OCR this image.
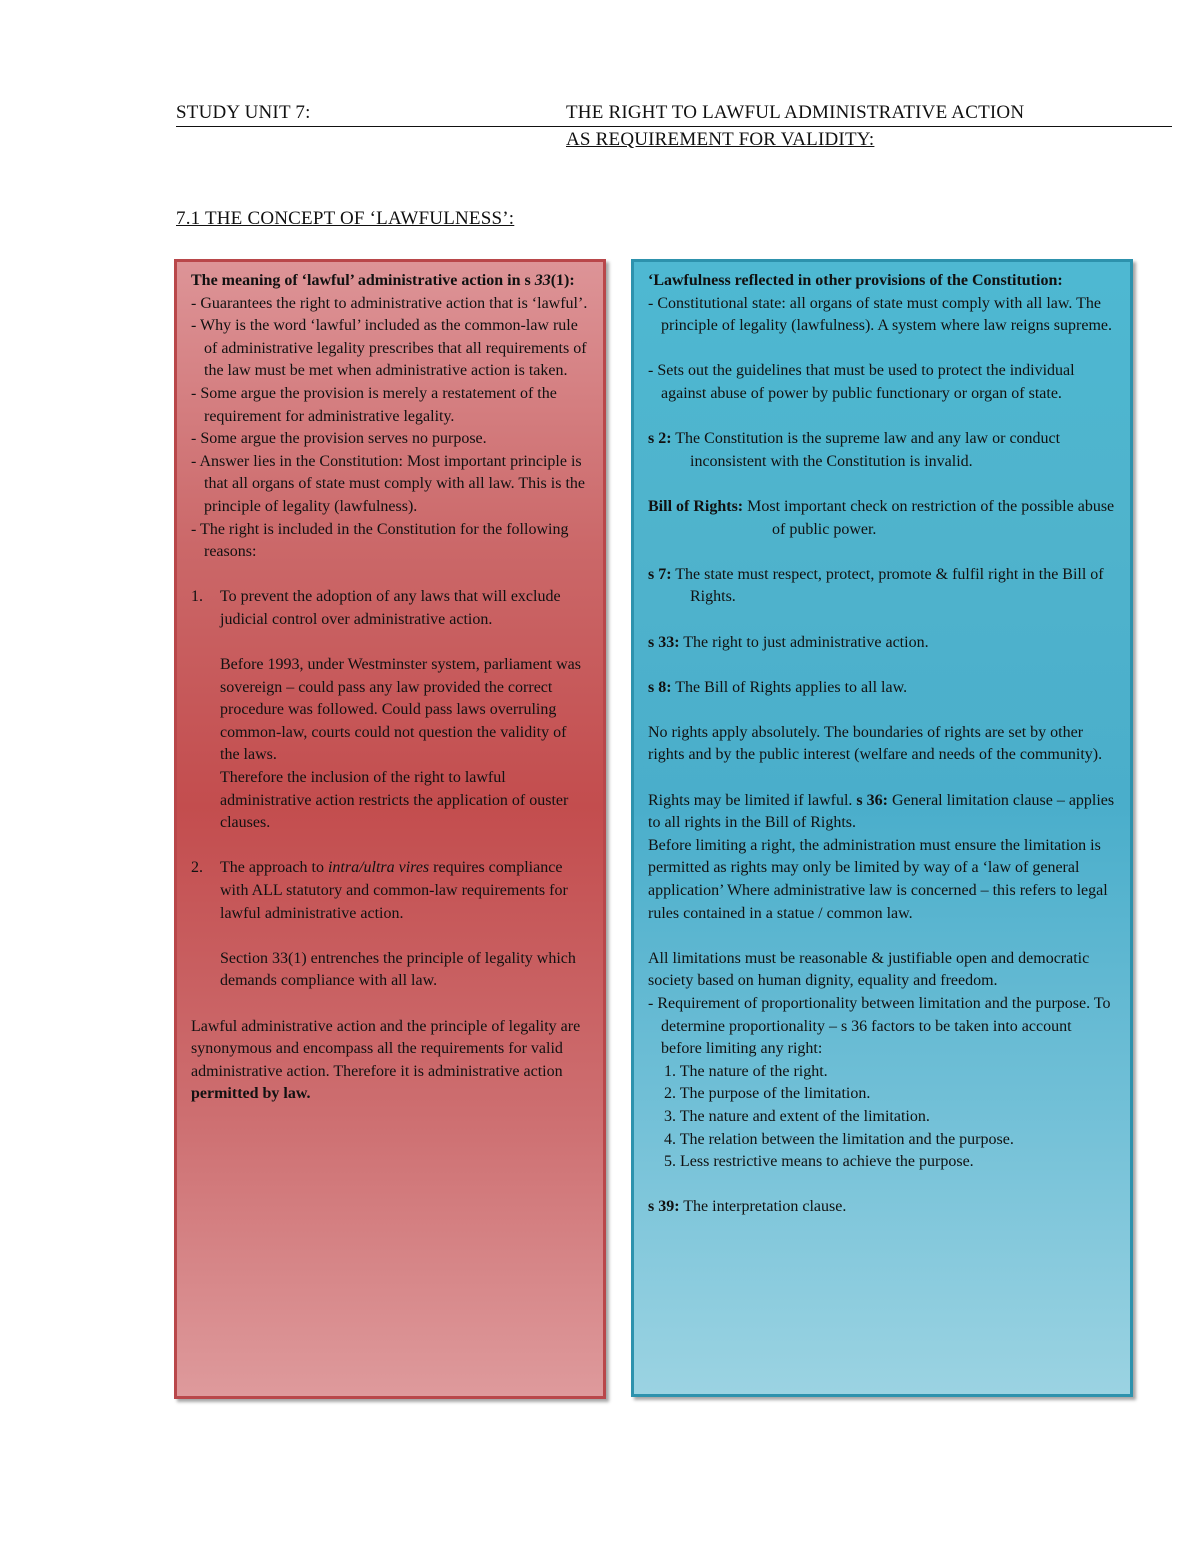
STUDY UNIT 7:	THE RIGHT TO LAWFUL ADMINISTRATIVE ACTION
AS REQUIREMENT FOR VALIDITY:
7.1 THE CONCEPT OF ‘LAWFULNESS’:

The meaning of ‘lawful’ administrative action in s 33(1):

- Guarantees the right to administrative action that is ‘lawful’.

- Why is the word ‘lawful’ included as the common-law rule of administrative legality prescribes that all requirements of the law must be met when administrative action is taken.

- Some argue the provision is merely a restatement of the requirement for administrative legality.

- Some argue the provision serves no purpose.

- Answer lies in the Constitution: Most important principle is that all organs of state must comply with all law. This is the principle of legality (lawfulness).

- The right is included in the Constitution for the following reasons:

1.	To prevent the adoption of any laws that will exclude judicial control over administrative action.

Before 1993, under Westminster system, parliament was sovereign – could pass any law provided the correct procedure was followed. Could pass laws overruling common-law, courts could not question the validity of the laws.

Therefore the inclusion of the right to lawful administrative action restricts the application of ouster clauses.

2.	The approach to intra/ultra vires requires compliance with ALL statutory and common-law requirements for lawful administrative action.

Section 33(1) entrenches the principle of legality which demands compliance with all law.

Lawful administrative action and the principle of legality are synonymous and encompass all the requirements for valid administrative action. Therefore it is administrative action permitted by law.

‘Lawfulness reflected in other provisions of the Constitution:

- Constitutional state: all organs of state must comply with all law. The principle of legality (lawfulness). A system where law reigns supreme.

- Sets out the guidelines that must be used to protect the individual against abuse of power by public functionary or organ of state.

s 2: The Constitution is the supreme law and any law or conduct inconsistent with the Constitution is invalid.

Bill of Rights: Most important check on restriction of the possible abuse of public power.

s 7: The state must respect, protect, promote & fulfil right in the Bill of Rights.

s 33: The right to just administrative action.

s 8: The Bill of Rights applies to all law.

No rights apply absolutely. The boundaries of rights are set by other rights and by the public interest (welfare and needs of the community).

Rights may be limited if lawful. s 36: General limitation clause – applies to all rights in the Bill of Rights.

Before limiting a right, the administration must ensure the limitation is permitted as rights may only be limited by way of a ‘law of general application’ Where administrative law is concerned – this refers to legal rules contained in a statue / common law.

All limitations must be reasonable & justifiable open and democratic society based on human dignity, equality and freedom.

- Requirement of proportionality between limitation and the purpose. To determine proportionality – s 36 factors to be taken into account before limiting any right:

1. The nature of the right.

2. The purpose of the limitation.

3. The nature and extent of the limitation.

4. The relation between the limitation and the purpose.

5. Less restrictive means to achieve the purpose.

s 39: The interpretation clause.
